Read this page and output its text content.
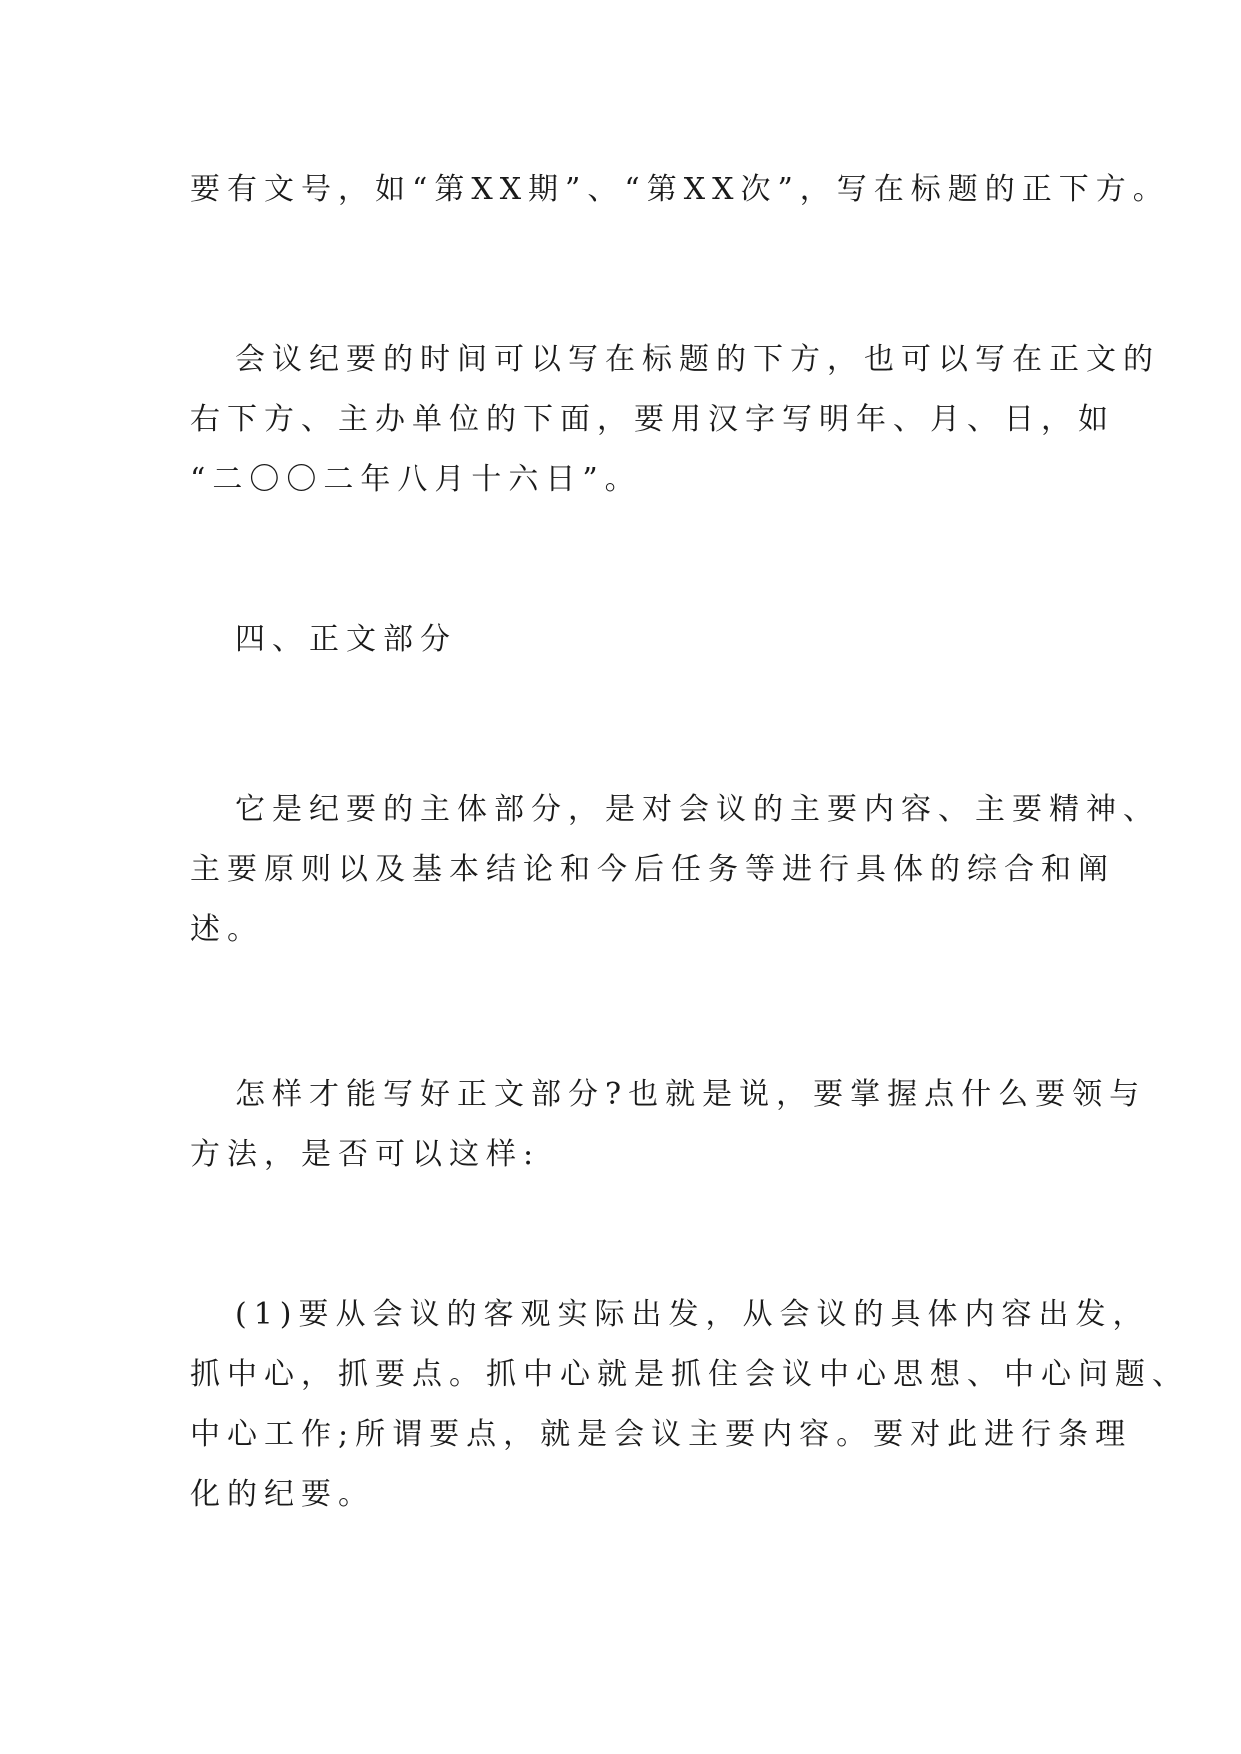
要有文号，如“第XX期”、“第XX次”，写在标题的正下方。

会议纪要的时间可以写在标题的下方，也可以写在正文的
右下方、主办单位的下面，要用汉字写明年、月、日，如
“二〇〇二年八月十六日”。

四、正文部分

它是纪要的主体部分，是对会议的主要内容、主要精神、
主要原则以及基本结论和今后任务等进行具体的综合和阐
述。

怎样才能写好正文部分?也就是说，要掌握点什么要领与
方法，是否可以这样:

(1)要从会议的客观实际出发，从会议的具体内容出发，
抓中心，抓要点。抓中心就是抓住会议中心思想、中心问题、
中心工作;所谓要点，就是会议主要内容。要对此进行条理
化的纪要。
